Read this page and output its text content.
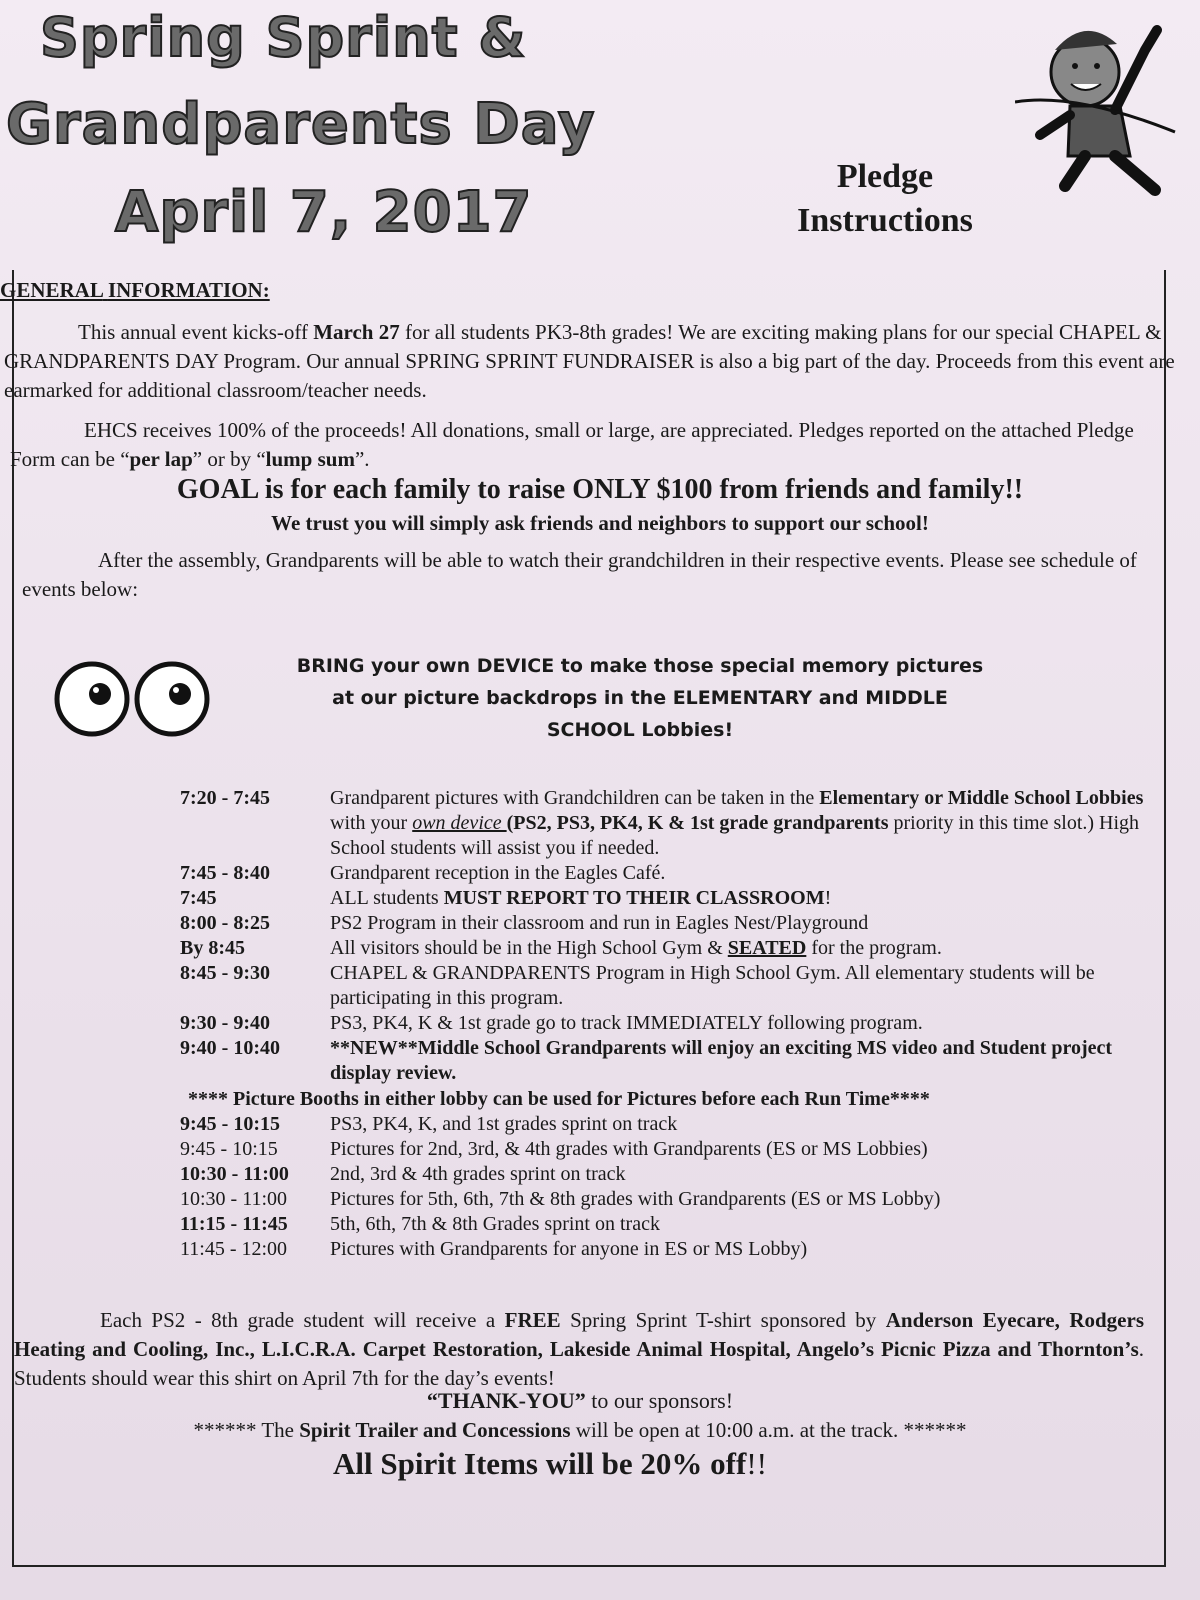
Spring Sprint &
Grandparents Day
April 7, 2017
Pledge
Instructions
GENERAL INFORMATION:
This annual event kicks-off March 27 for all students PK3-8th grades! We are exciting making plans for our special CHAPEL & GRANDPARENTS DAY Program. Our annual SPRING SPRINT FUNDRAISER is also a big part of the day. Proceeds from this event are earmarked for additional classroom/teacher needs.
EHCS receives 100% of the proceeds! All donations, small or large, are appreciated. Pledges reported on the attached Pledge Form can be “per lap” or by “lump sum”.
GOAL is for each family to raise ONLY $100 from friends and family!!
We trust you will simply ask friends and neighbors to support our school!
After the assembly, Grandparents will be able to watch their grandchildren in their respective events. Please see schedule of events below:
BRING your own DEVICE to make those special memory pictures
at our picture backdrops in the ELEMENTARY and MIDDLE
SCHOOL Lobbies!
7:20 - 7:45	Grandparent pictures with Grandchildren can be taken in the Elementary or Middle School Lobbies with your own device (PS2, PS3, PK4, K & 1st grade grandparents priority in this time slot.) High School students will assist you if needed.
7:45 - 8:40	Grandparent reception in the Eagles Café.
7:45	ALL students MUST REPORT TO THEIR CLASSROOM!
8:00 - 8:25	PS2 Program in their classroom and run in Eagles Nest/Playground
By 8:45	All visitors should be in the High School Gym & SEATED for the program.
8:45 - 9:30	CHAPEL & GRANDPARENTS Program in High School Gym. All elementary students will be participating in this program.
9:30 - 9:40	PS3, PK4, K & 1st grade go to track IMMEDIATELY following program.
9:40 - 10:40	**NEW**Middle School Grandparents will enjoy an exciting MS video and Student project display review.
**** Picture Booths in either lobby can be used for Pictures before each Run Time****
9:45 - 10:15	PS3, PK4, K, and 1st grades sprint on track
9:45 - 10:15	Pictures for 2nd, 3rd, & 4th grades with Grandparents (ES or MS Lobbies)
10:30 - 11:00	2nd, 3rd & 4th grades sprint on track
10:30 - 11:00	Pictures for 5th, 6th, 7th & 8th grades with Grandparents (ES or MS Lobby)
11:15 - 11:45	5th, 6th, 7th & 8th Grades sprint on track
11:45 - 12:00	Pictures with Grandparents for anyone in ES or MS Lobby)
Each PS2 - 8th grade student will receive a FREE Spring Sprint T-shirt sponsored by Anderson Eyecare, Rodgers Heating and Cooling, Inc., L.I.C.R.A. Carpet Restoration, Lakeside Animal Hospital, Angelo’s Picnic Pizza and Thornton’s. Students should wear this shirt on April 7th for the day’s events!
“THANK-YOU” to our sponsors!
****** The Spirit Trailer and Concessions will be open at 10:00 a.m. at the track. ******
All Spirit Items will be 20% off!!
